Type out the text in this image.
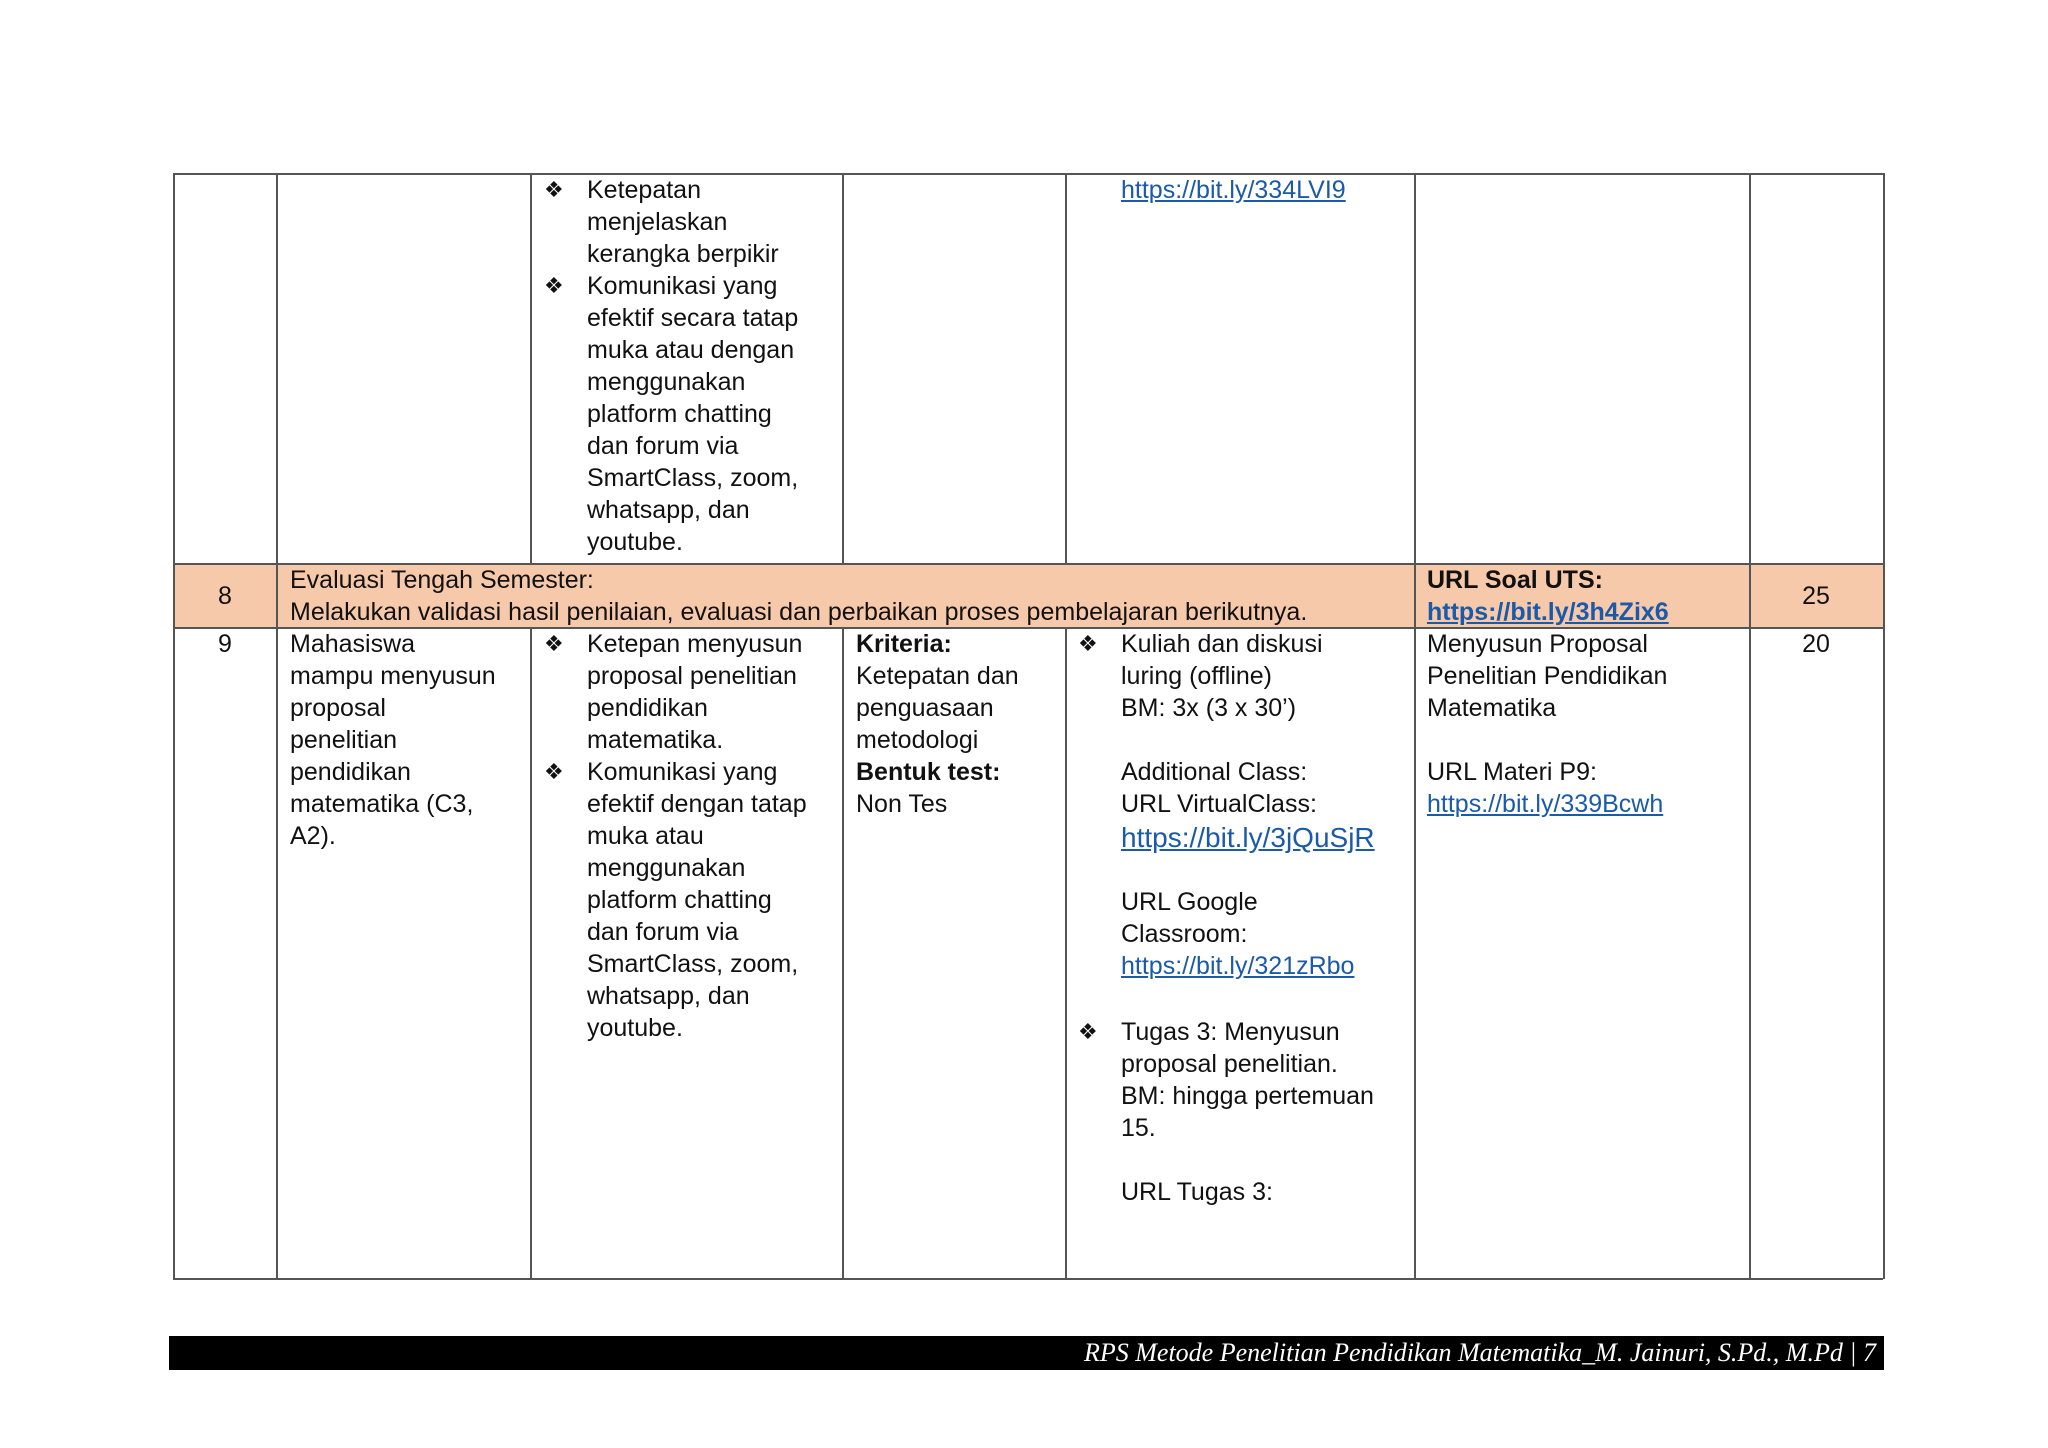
❖ Ketepatan
menjelaskan
kerangka berpikir
❖ Komunikasi yang
efektif secara tatap
muka atau dengan
menggunakan
platform chatting
dan forum via
SmartClass, zoom,
whatsapp, dan
youtube.
https://bit.ly/334LVI9
8
Evaluasi Tengah Semester:
Melakukan validasi hasil penilaian, evaluasi dan perbaikan proses pembelajaran berikutnya.
URL Soal UTS:
https://bit.ly/3h4Zix6
25
9	Mahasiswa
mampu menyusun
proposal
penelitian
pendidikan
matematika (C3,
A2).
❖ Ketepan menyusun
proposal penelitian
pendidikan
matematika.
❖ Komunikasi yang
efektif dengan tatap
muka atau
menggunakan
platform chatting
dan forum via
SmartClass, zoom,
whatsapp, dan
youtube.
Kriteria:
Ketepatan dan
penguasaan
metodologi
Bentuk test:
Non Tes
❖ Kuliah dan diskusi
luring (offline)
BM: 3x (3 x 30’)
Additional Class:
URL VirtualClass:
https://bit.ly/3jQuSjR
URL Google
Classroom:
https://bit.ly/321zRbo
❖ Tugas 3: Menyusun
proposal penelitian.
BM: hingga pertemuan
15.
URL Tugas 3:
Menyusun Proposal
Penelitian Pendidikan
Matematika
URL Materi P9:
https://bit.ly/339Bcwh
20
RPS Metode Penelitian Pendidikan Matematika_M. Jainuri, S.Pd., M.Pd | 7
